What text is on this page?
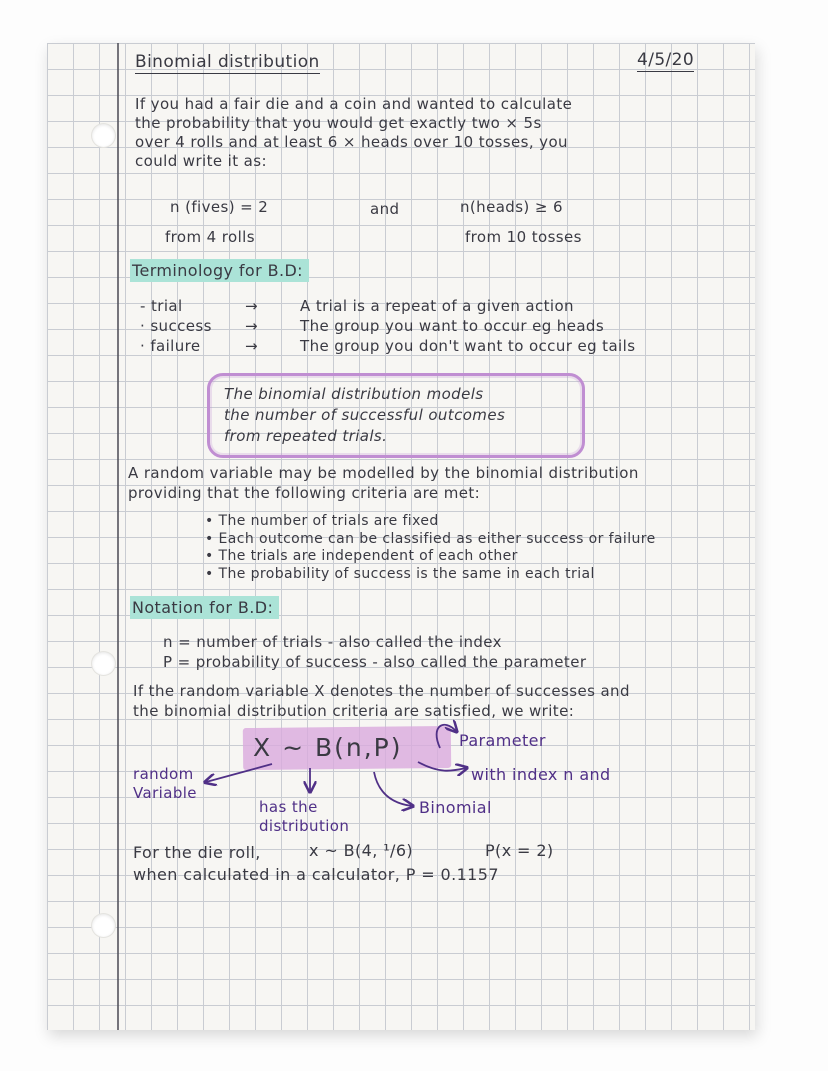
Binomial distribution	4/5/20
If you had a fair die and a coin and wanted to calculate
the probability that you would get exactly two × 5s
over 4 rolls and at least 6 × heads over 10 tosses, you
could write it as:
n (fives) = 2	and	n(heads) ≥ 6
from 4 rolls	from 10 tosses
Terminology for B.D:
- trial	→	A trial is a repeat of a given action
· success	→	The group you want to occur eg heads
· failure	→	The group you don't want to occur eg tails
The binomial distribution models
the number of successful outcomes
from repeated trials.
A random variable may be modelled by the binomial distribution
providing that the following criteria are met:
• The number of trials are fixed
• Each outcome can be classified as either success or failure
• The trials are independent of each other
• The probability of success is the same in each trial
Notation for B.D:
n = number of trials - also called the index
P = probability of success - also called the parameter
If the random variable X denotes the number of successes and
the binomial distribution criteria are satisfied, we write:
X ~ B(n,P)	Parameter
with index n and
Binomial
random
Variable
has the
distribution
For the die roll,	x ~ B(4, ¹/6)	P(x = 2)
when calculated in a calculator, P = 0.1157
